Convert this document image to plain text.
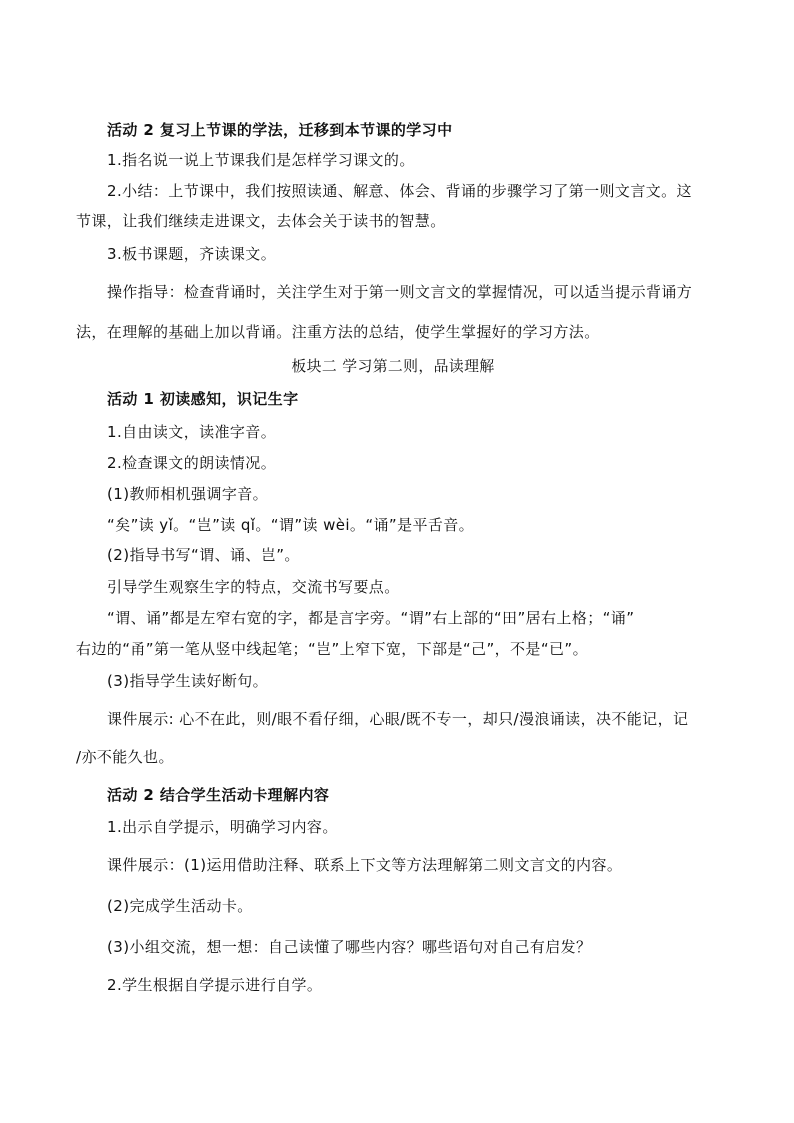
活动 2 复习上节课的学法，迁移到本节课的学习中
1.指名说一说上节课我们是怎样学习课文的。
2.小结：上节课中，我们按照读通、解意、体会、背诵的步骤学习了第一则文言文。这
节课，让我们继续走进课文，去体会关于读书的智慧。
3.板书课题，齐读课文。
操作指导：检查背诵时，关注学生对于第一则文言文的掌握情况，可以适当提示背诵方
法，在理解的基础上加以背诵。注重方法的总结，使学生掌握好的学习方法。
板块二 学习第二则，品读理解
活动 1 初读感知，识记生字
1.自由读文，读准字音。
2.检查课文的朗读情况。
(1)教师相机强调字音。
“矣”读 yǐ。“岂”读 qǐ。“谓”读 wèi。“诵”是平舌音。
(2)指导书写“谓、诵、岂”。
引导学生观察生字的特点，交流书写要点。
“谓、诵”都是左窄右宽的字，都是言字旁。“谓”右上部的“田”居右上格；“诵”
右边的“甬”第一笔从竖中线起笔；“岂”上窄下宽，下部是“己”，不是“已”。
(3)指导学生读好断句。
课件展示: 心不在此，则/眼不看仔细，心眼/既不专一，却只/漫浪诵读，决不能记，记
/亦不能久也。
活动 2 结合学生活动卡理解内容
1.出示自学提示，明确学习内容。
课件展示：(1)运用借助注释、联系上下文等方法理解第二则文言文的内容。
(2)完成学生活动卡。
(3)小组交流，想一想：自己读懂了哪些内容？哪些语句对自己有启发？
2.学生根据自学提示进行自学。
